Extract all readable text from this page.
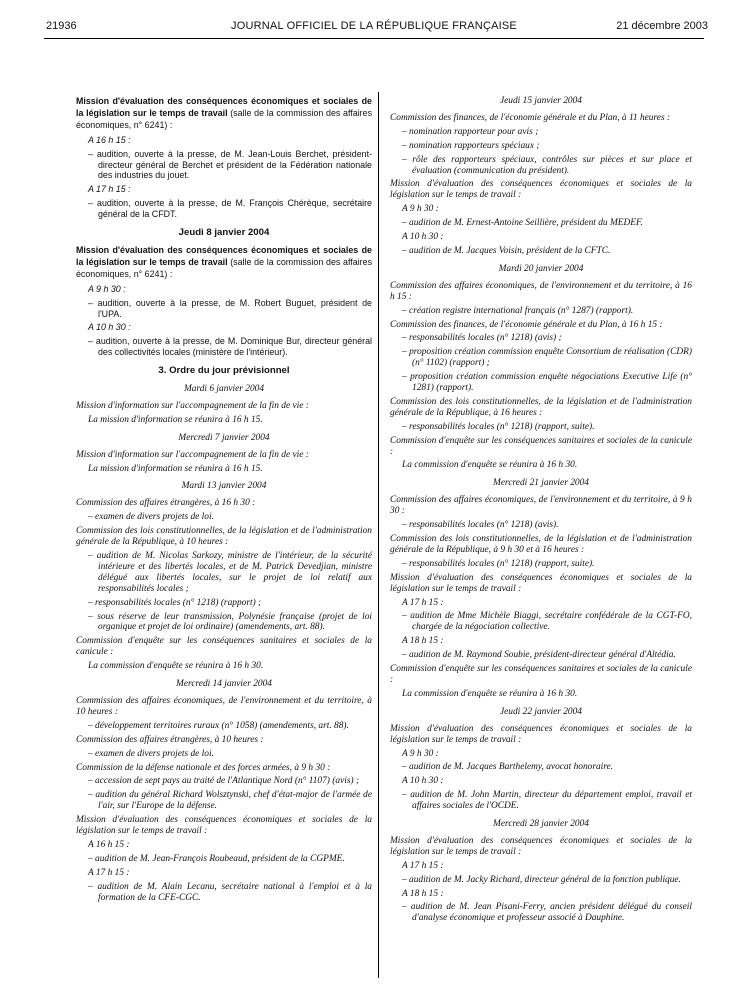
21936	JOURNAL OFFICIEL DE LA RÉPUBLIQUE FRANÇAISE	21 décembre 2003

Mission d'évaluation des conséquences économiques et sociales de la législation sur le temps de travail (salle de la commission des affaires économiques, n° 6241) :

A 16 h 15 :

– audition, ouverte à la presse, de M. Jean-Louis Berchet, président-directeur général de Berchet et président de la Fédération nationale des industries du jouet.

A 17 h 15 :

– audition, ouverte à la presse, de M. François Chérèque, secrétaire général de la CFDT.

Jeudi 8 janvier 2004

Mission d'évaluation des conséquences économiques et sociales de la législation sur le temps de travail (salle de la commission des affaires économiques, n° 6241) :

A 9 h 30 :

– audition, ouverte à la presse, de M. Robert Buguet, président de l'UPA.

A 10 h 30 :

– audition, ouverte à la presse, de M. Dominique Bur, directeur général des collectivités locales (ministère de l'intérieur).

3. Ordre du jour prévisionnel

Mardi 6 janvier 2004

Mission d'information sur l'accompagnement de la fin de vie :

La mission d'information se réunira à 16 h 15.

Mercredi 7 janvier 2004

Mission d'information sur l'accompagnement de la fin de vie :

La mission d'information se réunira à 16 h 15.

Mardi 13 janvier 2004

Commission des affaires étrangères, à 16 h 30 :

– examen de divers projets de loi.

Commission des lois constitutionnelles, de la législation et de l'administration générale de la République, à 10 heures :

– audition de M. Nicolas Sarkozy, ministre de l'intérieur, de la sécurité intérieure et des libertés locales, et de M. Patrick Devedjian, ministre délégué aux libertés locales, sur le projet de loi relatif aux responsabilités locales ;

– responsabilités locales (n° 1218) (rapport) ;

– sous réserve de leur transmission, Polynésie française (projet de loi organique et projet de loi ordinaire) (amendements, art. 88).

Commission d'enquête sur les conséquences sanitaires et sociales de la canicule :

La commission d'enquête se réunira à 16 h 30.

Mercredi 14 janvier 2004

Commission des affaires économiques, de l'environnement et du territoire, à 10 heures :

– développement territoires ruraux (n° 1058) (amendements, art. 88).

Commission des affaires étrangères, à 10 heures :

– examen de divers projets de loi.

Commission de la défense nationale et des forces armées, à 9 h 30 :

– accession de sept pays au traité de l'Atlantique Nord (n° 1107) (avis) ;

– audition du général Richard Wolsztynski, chef d'état-major de l'armée de l'air, sur l'Europe de la défense.

Mission d'évaluation des conséquences économiques et sociales de la législation sur le temps de travail :

A 16 h 15 :

– audition de M. Jean-François Roubeaud, président de la CGPME.

A 17 h 15 :

– audition de M. Alain Lecanu, secrétaire national à l'emploi et à la formation de la CFE-CGC.

Jeudi 15 janvier 2004

Commission des finances, de l'économie générale et du Plan, à 11 heures :

– nomination rapporteur pour avis ;

– nomination rapporteurs spéciaux ;

– rôle des rapporteurs spéciaux, contrôles sur pièces et sur place et évaluation (communication du président).

Mission d'évaluation des conséquences économiques et sociales de la législation sur le temps de travail :

A 9 h 30 :

– audition de M. Ernest-Antoine Seillière, président du MEDEF.

A 10 h 30 :

– audition de M. Jacques Voisin, président de la CFTC.

Mardi 20 janvier 2004

Commission des affaires économiques, de l'environnement et du territoire, à 16 h 15 :

– création registre international français (n° 1287) (rapport).

Commission des finances, de l'économie générale et du Plan, à 16 h 15 :

– responsabilités locales (n° 1218) (avis) ;

– proposition création commission enquête Consortium de réalisation (CDR) (n° 1102) (rapport) ;

– proposition création commission enquête négociations Executive Life (n° 1281) (rapport).

Commission des lois constitutionnelles, de la législation et de l'administration générale de la République, à 16 heures :

– responsabilités locales (n° 1218) (rapport, suite).

Commission d'enquête sur les conséquences sanitaires et sociales de la canicule :

La commission d'enquête se réunira à 16 h 30.

Mercredi 21 janvier 2004

Commission des affaires économiques, de l'environnement et du territoire, à 9 h 30 :

– responsabilités locales (n° 1218) (avis).

Commission des lois constitutionnelles, de la législation et de l'administration générale de la République, à 9 h 30 et à 16 heures :

– responsabilités locales (n° 1218) (rapport, suite).

Mission d'évaluation des conséquences économiques et sociales de la législation sur le temps de travail :

A 17 h 15 :

– audition de Mme Michèle Biaggi, secrétaire confédérale de la CGT-FO, chargée de la négociation collective.

A 18 h 15 :

– audition de M. Raymond Soubie, président-directeur général d'Altédia.

Commission d'enquête sur les conséquences sanitaires et sociales de la canicule :

La commission d'enquête se réunira à 16 h 30.

Jeudi 22 janvier 2004

Mission d'évaluation des conséquences économiques et sociales de la législation sur le temps de travail :

A 9 h 30 :

– audition de M. Jacques Barthelemy, avocat honoraire.

A 10 h 30 :

– audition de M. John Martin, directeur du département emploi, travail et affaires sociales de l'OCDE.

Mercredi 28 janvier 2004

Mission d'évaluation des conséquences économiques et sociales de la législation sur le temps de travail :

A 17 h 15 :

– audition de M. Jacky Richard, directeur général de la fonction publique.

A 18 h 15 :

– audition de M. Jean Pisani-Ferry, ancien président délégué du conseil d'analyse économique et professeur associé à Dauphine.
